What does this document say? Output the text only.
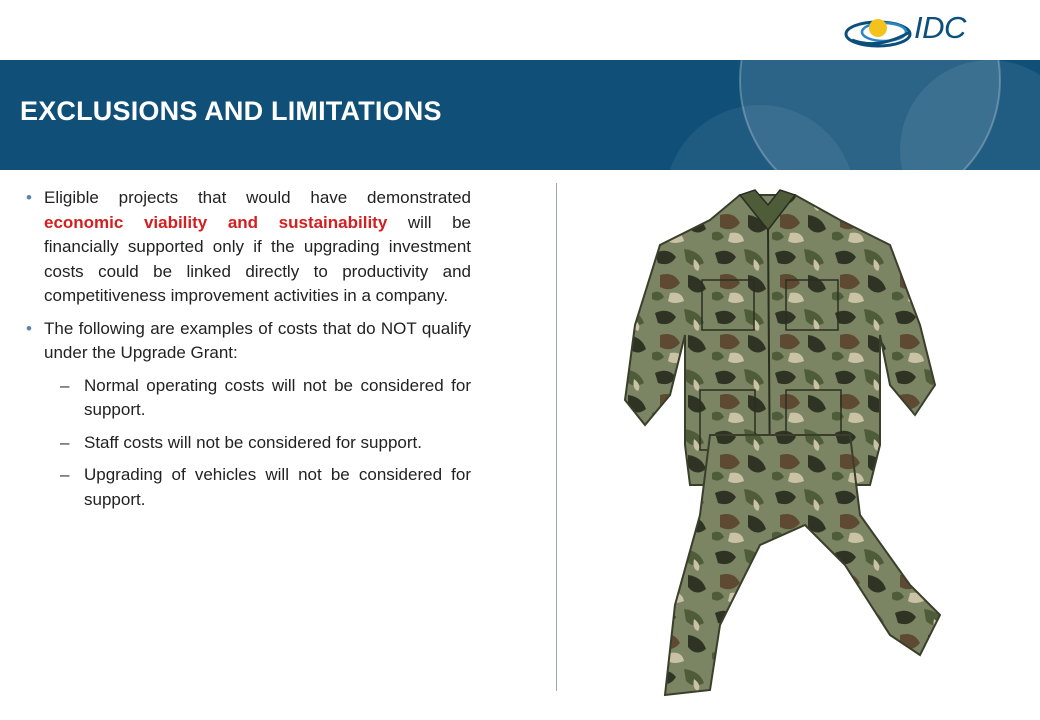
IDC
EXCLUSIONS AND LIMITATIONS
• Eligible projects that would have demonstrated economic viability and sustainability will be financially supported only if the upgrading investment costs could be linked directly to productivity and competitiveness improvement activities in a company.
• The following are examples of costs that do NOT qualify under the Upgrade Grant:
– Normal operating costs will not be considered for support.
– Staff costs will not be considered for support.
– Upgrading of vehicles will not be considered for support.
